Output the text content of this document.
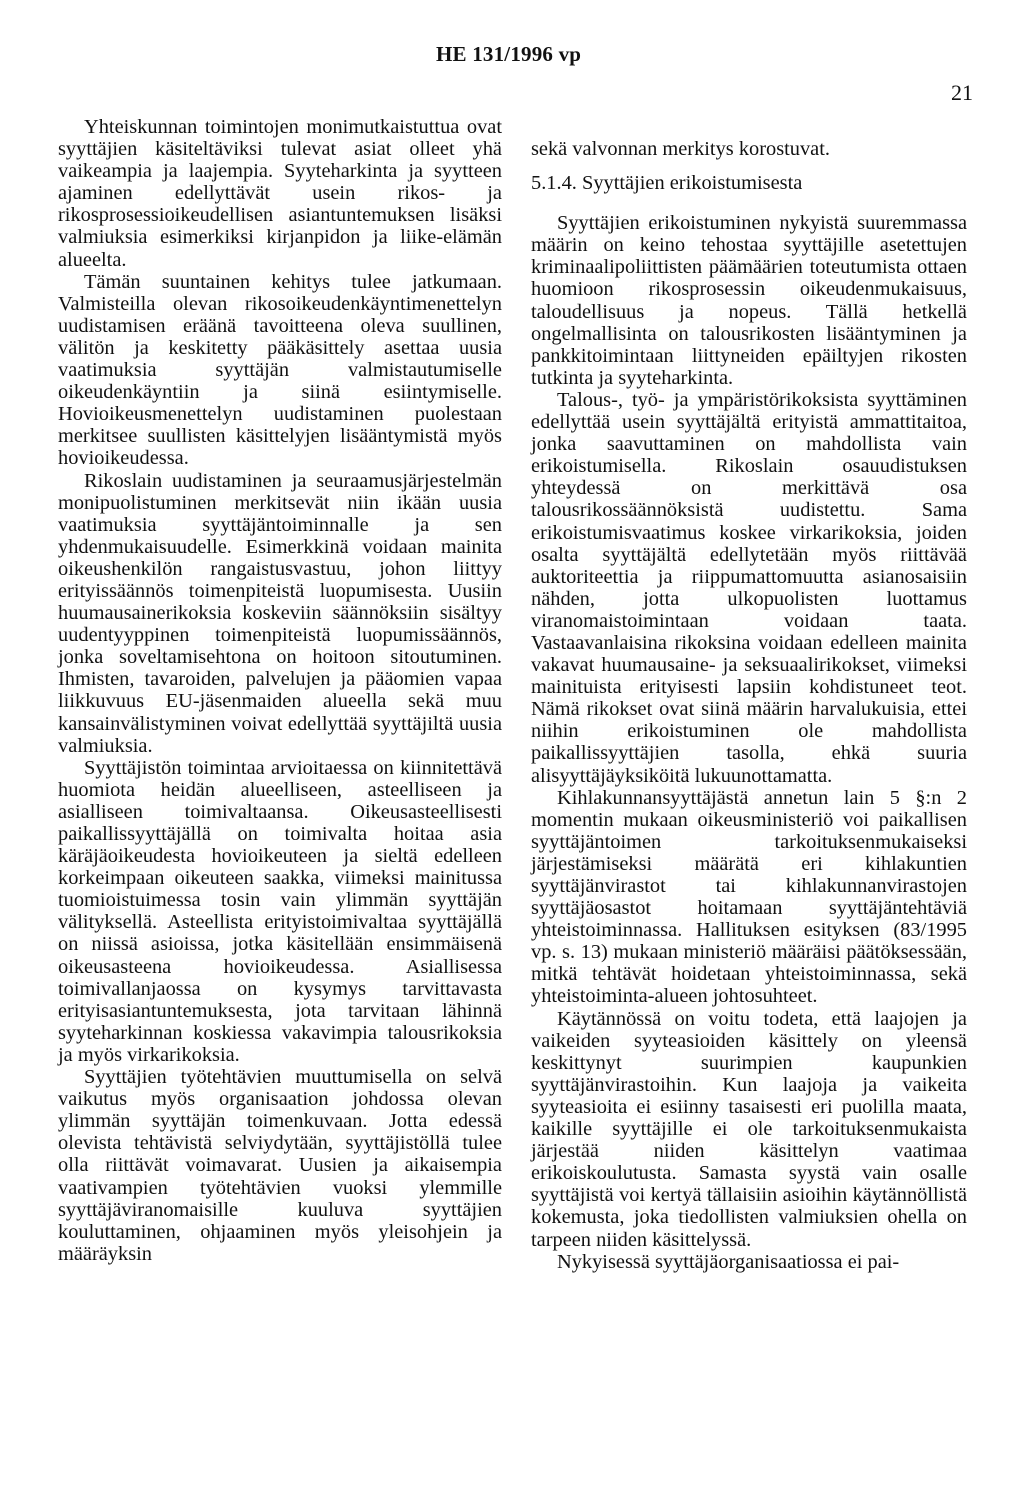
HE 131/1996 vp
21

Yhteiskunnan toimintojen monimutkaistuttua ovat syyttäjien käsiteltäviksi tulevat asiat olleet yhä vaikeampia ja laajempia. Syyteharkinta ja syytteen ajaminen edellyttävät usein rikos- ja rikosprosessioikeudellisen asiantuntemuksen lisäksi valmiuksia esimerkiksi kirjanpidon ja liike-elämän alueelta.

Tämän suuntainen kehitys tulee jatkumaan. Valmisteilla olevan rikosoikeudenkäyntimenettelyn uudistamisen eräänä tavoitteena oleva suullinen, välitön ja keskitetty pääkäsittely asettaa uusia vaatimuksia syyttäjän valmistautumiselle oikeudenkäyntiin ja siinä esiintymiselle. Hovioikeusmenettelyn uudistaminen puolestaan merkitsee suullisten käsittelyjen lisääntymistä myös hovioikeudessa.

Rikoslain uudistaminen ja seuraamusjärjestelmän monipuolistuminen merkitsevät niin ikään uusia vaatimuksia syyttäjäntoiminnalle ja sen yhdenmukaisuudelle. Esimerkkinä voidaan mainita oikeushenkilön rangaistusvastuu, johon liittyy erityissäännös toimenpiteistä luopumisesta. Uusiin huumausainerikoksia koskeviin säännöksiin sisältyy uudentyyppinen toimenpiteistä luopumissäännös, jonka soveltamisehtona on hoitoon sitoutuminen. Ihmisten, tavaroiden, palvelujen ja pääomien vapaa liikkuvuus EU-jäsenmaiden alueella sekä muu kansainvälistyminen voivat edellyttää syyttäjiltä uusia valmiuksia.

Syyttäjistön toimintaa arvioitaessa on kiinnitettävä huomiota heidän alueelliseen, asteelliseen ja asialliseen toimivaltaansa. Oikeusasteellisesti paikallissyyttäjällä on toimivalta hoitaa asia käräjäoikeudesta hovioikeuteen ja sieltä edelleen korkeimpaan oikeuteen saakka, viimeksi mainitussa tuomioistuimessa tosin vain ylimmän syyttäjän välityksellä. Asteellista erityistoimivaltaa syyttäjällä on niissä asioissa, jotka käsitellään ensimmäisenä oikeusasteena hovioikeudessa. Asiallisessa toimivallanjaossa on kysymys tarvittavasta erityisasiantuntemuksesta, jota tarvitaan lähinnä syyteharkinnan koskiessa vakavimpia talousrikoksia ja myös virkarikoksia.

Syyttäjien työtehtävien muuttumisella on selvä vaikutus myös organisaation johdossa olevan ylimmän syyttäjän toimenkuvaan. Jotta edessä olevista tehtävistä selviydytään, syyttäjistöllä tulee olla riittävät voimavarat. Uusien ja aikaisempia vaativampien työtehtävien vuoksi ylemmille syyttäjäviranomaisille kuuluva syyttäjien kouluttaminen, ohjaaminen myös yleisohjein ja määräyksin

sekä valvonnan merkitys korostuvat.

5.1.4. Syyttäjien erikoistumisesta

Syyttäjien erikoistuminen nykyistä suuremmassa määrin on keino tehostaa syyttäjille asetettujen kriminaalipoliittisten päämäärien toteutumista ottaen huomioon rikosprosessin oikeudenmukaisuus, taloudellisuus ja nopeus. Tällä hetkellä ongelmallisinta on talousrikosten lisääntyminen ja pankkitoimintaan liittyneiden epäiltyjen rikosten tutkinta ja syyteharkinta.

Talous-, työ- ja ympäristörikoksista syyttäminen edellyttää usein syyttäjältä erityistä ammattitaitoa, jonka saavuttaminen on mahdollista vain erikoistumisella. Rikoslain osauudistuksen yhteydessä on merkittävä osa talousrikossäännöksistä uudistettu. Sama erikoistumisvaatimus koskee virkarikoksia, joiden osalta syyttäjältä edellytetään myös riittävää auktoriteettia ja riippumattomuutta asianosaisiin nähden, jotta ulkopuolisten luottamus viranomaistoimintaan voidaan taata. Vastaavanlaisina rikoksina voidaan edelleen mainita vakavat huumausaine- ja seksuaalirikokset, viimeksi mainituista erityisesti lapsiin kohdistuneet teot. Nämä rikokset ovat siinä määrin harvalukuisia, ettei niihin erikoistuminen ole mahdollista paikallissyyttäjien tasolla, ehkä suuria alisyyttäjäyksiköitä lukuunottamatta.

Kihlakunnansyyttäjästä annetun lain 5 §:n 2 momentin mukaan oikeusministeriö voi paikallisen syyttäjäntoimen tarkoituksenmukaiseksi järjestämiseksi määrätä eri kihlakuntien syyttäjänvirastot tai kihlakunnanvirastojen syyttäjäosastot hoitamaan syyttäjäntehtäviä yhteistoiminnassa. Hallituksen esityksen (83/1995 vp. s. 13) mukaan ministeriö määräisi päätöksessään, mitkä tehtävät hoidetaan yhteistoiminnassa, sekä yhteistoiminta-alueen johtosuhteet.

Käytännössä on voitu todeta, että laajojen ja vaikeiden syyteasioiden käsittely on yleensä keskittynyt suurimpien kaupunkien syyttäjänvirastoihin. Kun laajoja ja vaikeita syyteasioita ei esiinny tasaisesti eri puolilla maata, kaikille syyttäjille ei ole tarkoituksenmukaista järjestää niiden käsittelyn vaatimaa erikoiskoulutusta. Samasta syystä vain osalle syyttäjistä voi kertyä tällaisiin asioihin käytännöllistä kokemusta, joka tiedollisten valmiuksien ohella on tarpeen niiden käsittelyssä.

Nykyisessä syyttäjäorganisaatiossa ei pai-
